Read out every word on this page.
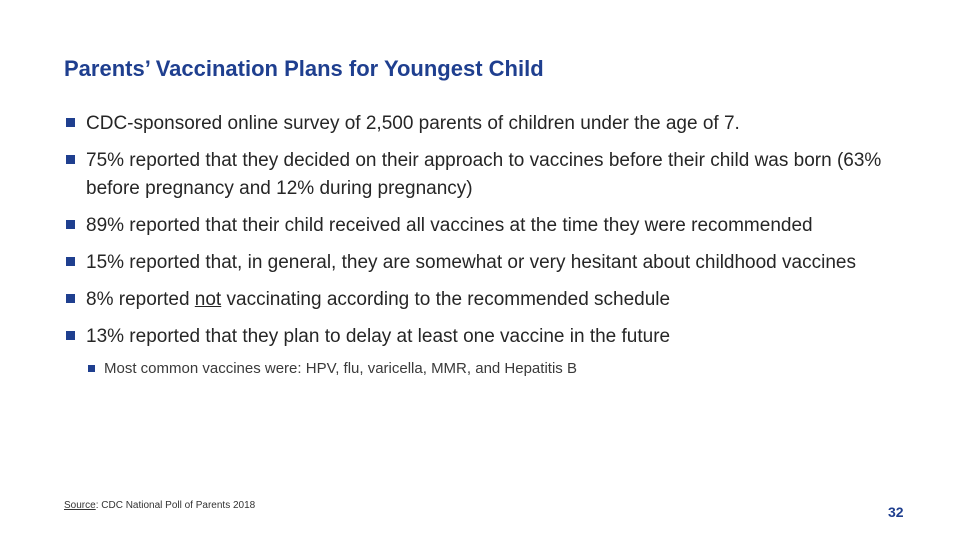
Parents’ Vaccination Plans for Youngest Child
CDC-sponsored online survey of 2,500 parents of children under the age of 7.
75% reported that they decided on their approach to vaccines before their child was born (63% before pregnancy and 12% during pregnancy)
89% reported that their child received all vaccines at the time they were recommended
15% reported that, in general, they are somewhat or very hesitant about childhood vaccines
8% reported not vaccinating according to the recommended schedule
13% reported that they plan to delay at least one vaccine in the future
Most common vaccines were: HPV, flu, varicella, MMR, and Hepatitis B
Source: CDC National Poll of Parents 2018	32
